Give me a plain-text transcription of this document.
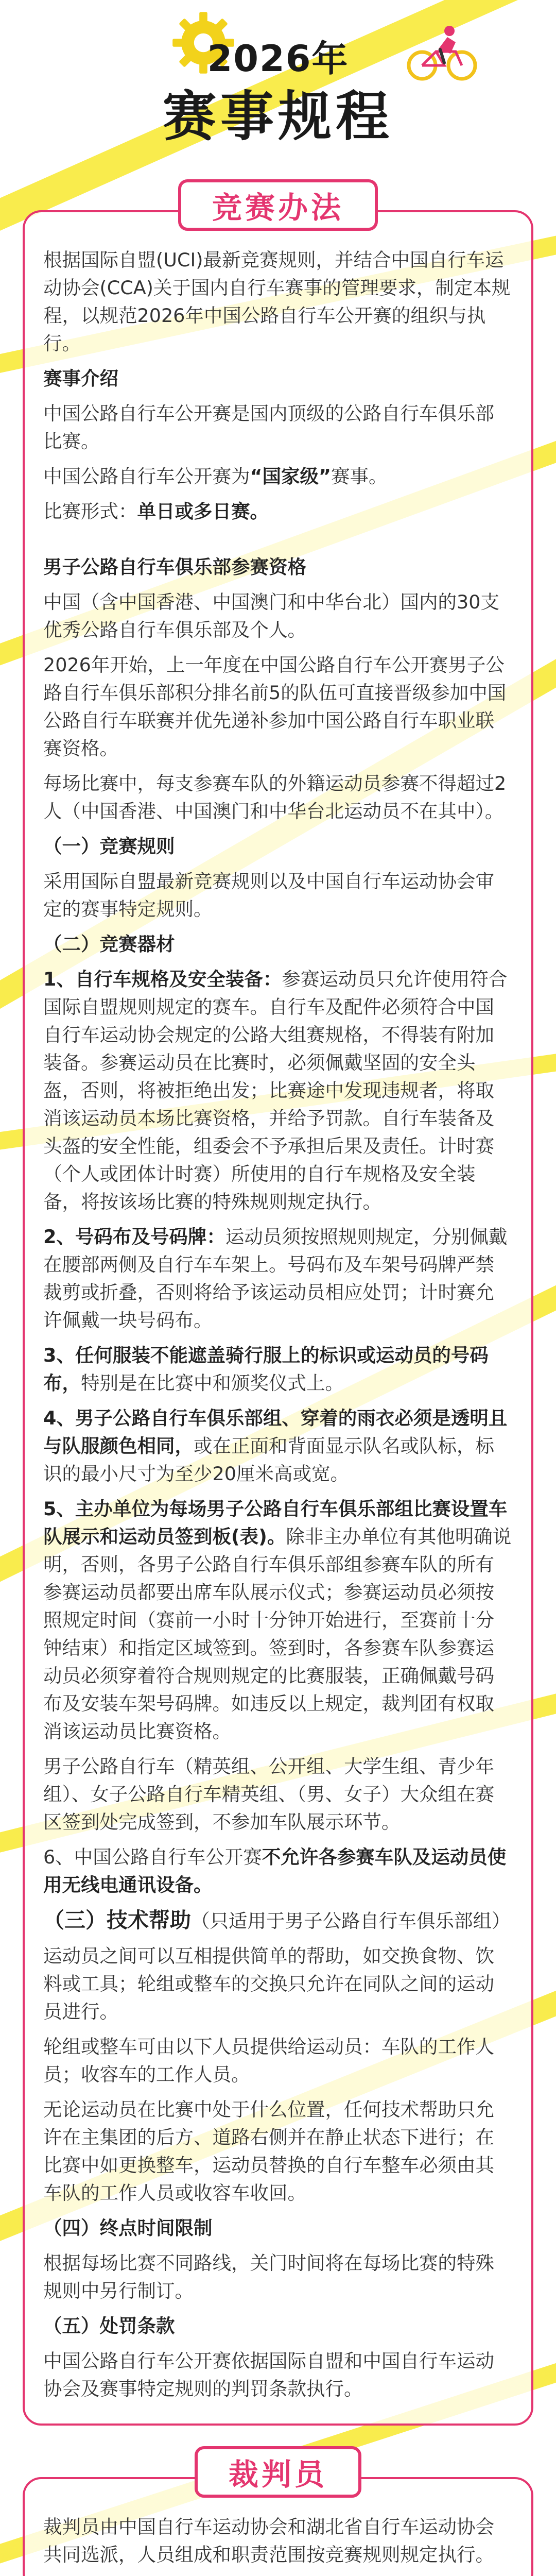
2026年
赛事规程
竞赛办法

根据国际自盟(UCI)最新竞赛规则，并结合中国自行车运动协会(CCA)关于国内自行车赛事的管理要求，制定本规程，以规范2026年中国公路自行车公开赛的组织与执行。

赛事介绍

中国公路自行车公开赛是国内顶级的公路自行车俱乐部比赛。

中国公路自行车公开赛为“国家级”赛事。

比赛形式：单日或多日赛。

男子公路自行车俱乐部参赛资格

中国（含中国香港、中国澳门和中华台北）国内的30支优秀公路自行车俱乐部及个人。

2026年开始，上一年度在中国公路自行车公开赛男子公路自行车俱乐部积分排名前5的队伍可直接晋级参加中国公路自行车联赛并优先递补参加中国公路自行车职业联赛资格。

每场比赛中，每支参赛车队的外籍运动员参赛不得超过2人（中国香港、中国澳门和中华台北运动员不在其中）。

（一）竞赛规则

采用国际自盟最新竞赛规则以及中国自行车运动协会审定的赛事特定规则。

（二）竞赛器材

1、自行车规格及安全装备：参赛运动员只允许使用符合国际自盟规则规定的赛车。自行车及配件必须符合中国自行车运动协会规定的公路大组赛规格，不得装有附加装备。参赛运动员在比赛时，必须佩戴坚固的安全头盔，否则，将被拒绝出发；比赛途中发现违规者，将取消该运动员本场比赛资格，并给予罚款。自行车装备及头盔的安全性能，组委会不予承担后果及责任。计时赛（个人或团体计时赛）所使用的自行车规格及安全装备，将按该场比赛的特殊规则规定执行。

2、号码布及号码牌：运动员须按照规则规定，分别佩戴在腰部两侧及自行车车架上。号码布及车架号码牌严禁裁剪或折叠，否则将给予该运动员相应处罚；计时赛允许佩戴一块号码布。

3、任何服装不能遮盖骑行服上的标识或运动员的号码布，特别是在比赛中和颁奖仪式上。

4、男子公路自行车俱乐部组、穿着的雨衣必须是透明且与队服颜色相同，或在正面和背面显示队名或队标，标识的最小尺寸为至少20厘米高或宽。

5、主办单位为每场男子公路自行车俱乐部组比赛设置车队展示和运动员签到板(表)。除非主办单位有其他明确说明，否则，各男子公路自行车俱乐部组参赛车队的所有参赛运动员都要出席车队展示仪式；参赛运动员必须按照规定时间（赛前一小时十分钟开始进行，至赛前十分钟结束）和指定区域签到。签到时，各参赛车队参赛运动员必须穿着符合规则规定的比赛服装，正确佩戴号码布及安装车架号码牌。如违反以上规定，裁判团有权取消该运动员比赛资格。

男子公路自行车（精英组、公开组、大学生组、青少年组）、女子公路自行车精英组、（男、女子）大众组在赛区签到处完成签到，不参加车队展示环节。

6、中国公路自行车公开赛不允许各参赛车队及运动员使用无线电通讯设备。

（三）技术帮助（只适用于男子公路自行车俱乐部组）

运动员之间可以互相提供简单的帮助，如交换食物、饮料或工具；轮组或整车的交换只允许在同队之间的运动员进行。

轮组或整车可由以下人员提供给运动员：车队的工作人员；收容车的工作人员。

无论运动员在比赛中处于什么位置，任何技术帮助只允许在主集团的后方、道路右侧并在静止状态下进行；在比赛中如更换整车，运动员替换的自行车整车必须由其车队的工作人员或收容车收回。

（四）终点时间限制

根据每场比赛不同路线，关门时间将在每场比赛的特殊规则中另行制订。

（五）处罚条款

中国公路自行车公开赛依据国际自盟和中国自行车运动协会及赛事特定规则的判罚条款执行。

裁判员

裁判员由中国自行车运动协会和湖北省自行车运动协会共同选派，人员组成和职责范围按竞赛规则规定执行。
